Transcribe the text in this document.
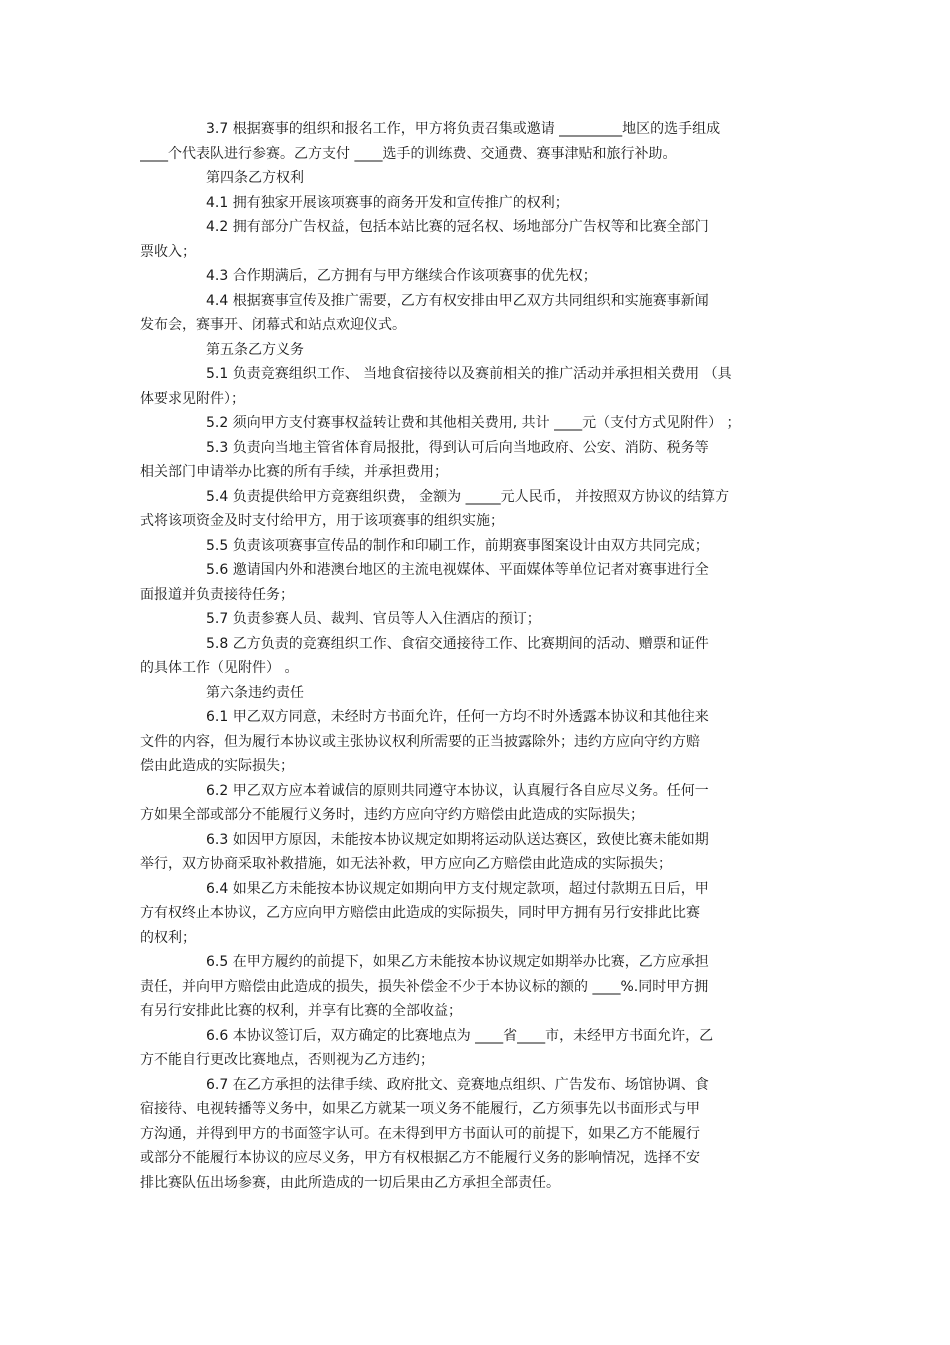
3.7 根据赛事的组织和报名工作，甲方将负责召集或邀请 _________地区的选手组成
____个代表队进行参赛。乙方支付 ____选手的训练费、交通费、赛事津贴和旅行补助。
第四条乙方权利
4.1 拥有独家开展该项赛事的商务开发和宣传推广的权利；
4.2 拥有部分广告权益，包括本站比赛的冠名权、场地部分广告权等和比赛全部门
票收入；
4.3 合作期满后，乙方拥有与甲方继续合作该项赛事的优先权；
4.4 根据赛事宣传及推广需要，乙方有权安排由甲乙双方共同组织和实施赛事新闻
发布会，赛事开、闭幕式和站点欢迎仪式。
第五条乙方义务
5.1 负责竞赛组织工作、 当地食宿接待以及赛前相关的推广活动并承担相关费用 （具
体要求见附件）；
5.2 须向甲方支付赛事权益转让费和其他相关费用, 共计 ____元（支付方式见附件） ；
5.3 负责向当地主管省体育局报批，得到认可后向当地政府、公安、消防、税务等
相关部门申请举办比赛的所有手续，并承担费用；
5.4 负责提供给甲方竞赛组织费， 金额为 _____元人民币， 并按照双方协议的结算方
式将该项资金及时支付给甲方，用于该项赛事的组织实施；
5.5 负责该项赛事宣传品的制作和印刷工作，前期赛事图案设计由双方共同完成；
5.6 邀请国内外和港澳台地区的主流电视媒体、平面媒体等单位记者对赛事进行全
面报道并负责接待任务；
5.7 负责参赛人员、裁判、官员等人入住酒店的预订；
5.8 乙方负责的竞赛组织工作、食宿交通接待工作、比赛期间的活动、赠票和证件
的具体工作（见附件） 。
第六条违约责任
6.1 甲乙双方同意，未经时方书面允许，任何一方均不时外透露本协议和其他往来
文件的内容，但为履行本协议或主张协议权利所需要的正当披露除外；违约方应向守约方赔
偿由此造成的实际损失；
6.2 甲乙双方应本着诚信的原则共同遵守本协议，认真履行各自应尽义务。任何一
方如果全部或部分不能履行义务时，违约方应向守约方赔偿由此造成的实际损失；
6.3 如因甲方原因，未能按本协议规定如期将运动队送达赛区，致使比赛未能如期
举行，双方协商采取补救措施，如无法补救，甲方应向乙方赔偿由此造成的实际损失；
6.4 如果乙方未能按本协议规定如期向甲方支付规定款项，超过付款期五日后，甲
方有权终止本协议，乙方应向甲方赔偿由此造成的实际损失，同时甲方拥有另行安排此比赛
的权利；
6.5 在甲方履约的前提下，如果乙方未能按本协议规定如期举办比赛，乙方应承担
责任，并向甲方赔偿由此造成的损失，损失补偿金不少于本协议标的额的 ____%.同时甲方拥
有另行安排此比赛的权利，并享有比赛的全部收益；
6.6 本协议签订后，双方确定的比赛地点为 ____省____市，未经甲方书面允许，乙
方不能自行更改比赛地点，否则视为乙方违约；
6.7 在乙方承担的法律手续、政府批文、竞赛地点组织、广告发布、场馆协调、食
宿接待、电视转播等义务中，如果乙方就某一项义务不能履行，乙方须事先以书面形式与甲
方沟通，并得到甲方的书面签字认可。在未得到甲方书面认可的前提下，如果乙方不能履行
或部分不能履行本协议的应尽义务，甲方有权根据乙方不能履行义务的影响情况，选择不安
排比赛队伍出场参赛，由此所造成的一切后果由乙方承担全部责任。
